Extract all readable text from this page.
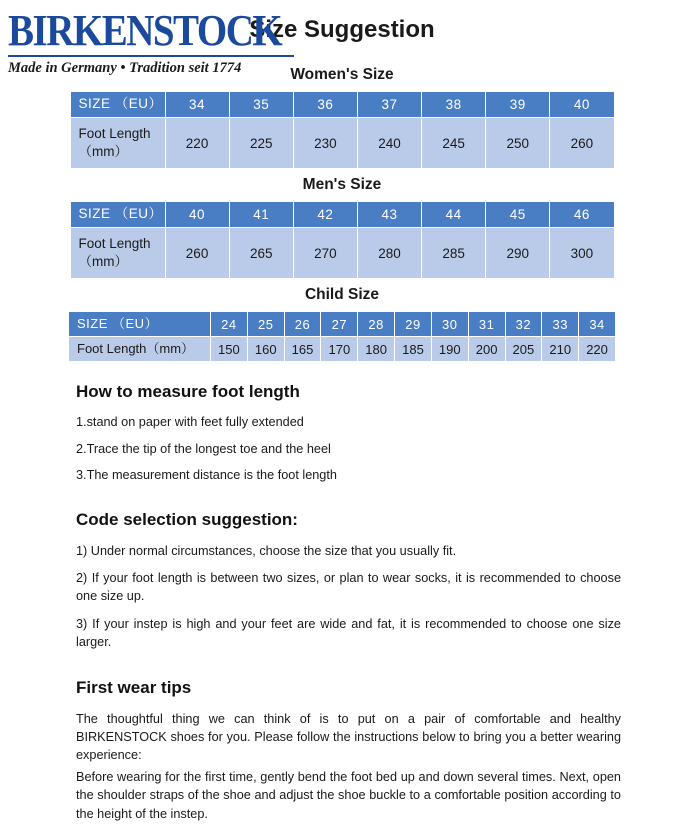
Size Suggestion
BIRKENSTOCK
Made in Germany • Tradition seit 1774	Women's Size
SIZE （EU）	34	35	36	37	38	39	40

Foot Length
（mm）	220	225	230	240	245	250	260
Men's Size
SIZE （EU）	40	41	42	43	44	45	46

Foot Length
（mm）	260	265	270	280	285	290	300
Child Size
SIZE （EU）	24	25	26	27	28	29	30	31	32	33	34
Foot Length（mm）	150	160	165	170	180	185	190	200	205	210	220
How to measure foot length
1.stand on paper with feet fully extended
2.Trace the tip of the longest toe and the heel
3.The measurement distance is the foot length
Code selection suggestion:
1) Under normal circumstances, choose the size that you usually fit.
2) If your foot length is between two sizes, or plan to wear socks, it is recommended to choose one size up.
3) If your instep is high and your feet are wide and fat, it is recommended to choose one size larger.
First wear tips
The thoughtful thing we can think of is to put on a pair of comfortable and healthy BIRKENSTOCK shoes for you. Please follow the instructions below to bring you a better wearing experience:
Before wearing for the first time, gently bend the foot bed up and down several times. Next, open the shoulder straps of the shoe and adjust the shoe buckle to a comfortable position according to the height of the instep.
